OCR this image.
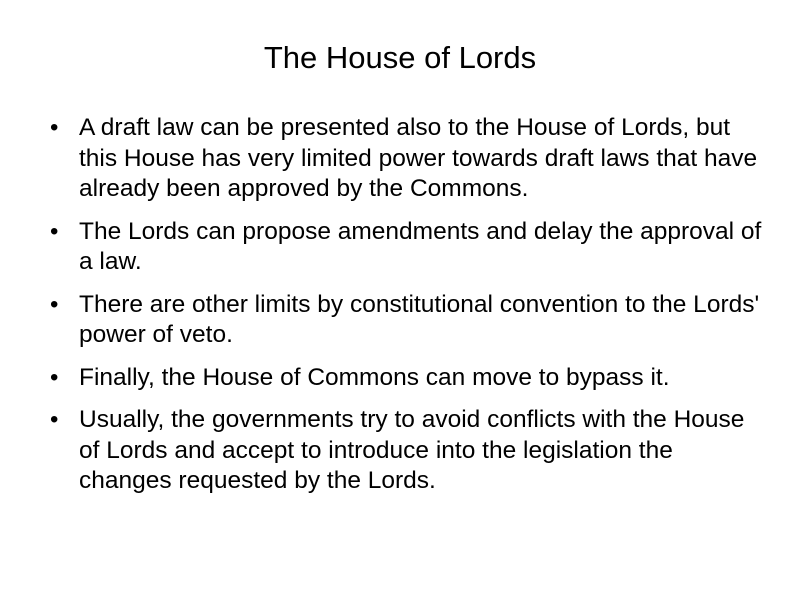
The House of Lords
• A draft law can be presented also to the House of Lords, but this House has very limited power towards draft laws that have already been approved by the Commons.
• The Lords can propose amendments and delay the approval of a law.
• There are other limits by constitutional convention to the Lords' power of veto.
• Finally, the House of Commons can move to bypass it.
• Usually, the governments try to avoid conflicts with the House of Lords and accept to introduce into the legislation the changes requested by the Lords.
